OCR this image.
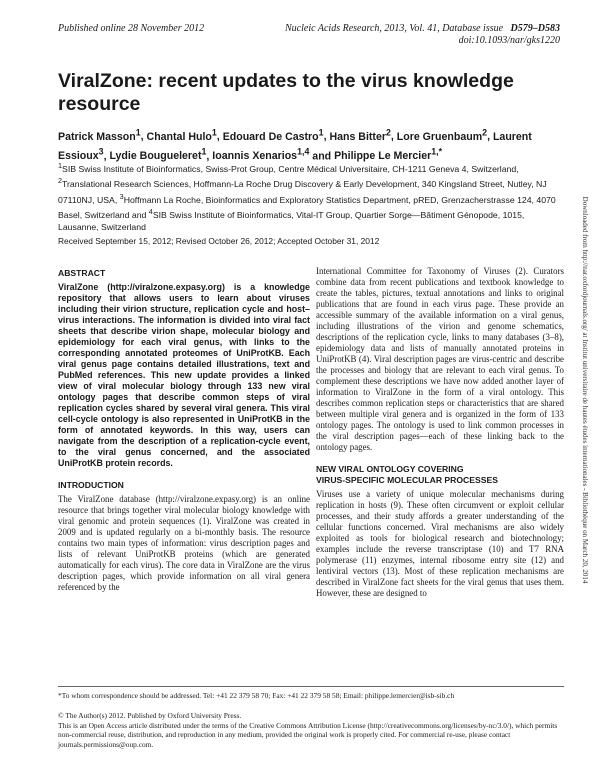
Published online 28 November 2012	Nucleic Acids Research, 2013, Vol. 41, Database issue D579–D583
doi:10.1093/nar/gks1220
ViralZone: recent updates to the virus knowledge resource
Patrick Masson$^1$, Chantal Hulo$^1$, Edouard De Castro$^1$, Hans Bitter$^2$, Lore Gruenbaum$^2$, Laurent Essioux$^3$, Lydie Bougueleret$^1$, Ioannis Xenarios$^{1,4}$ and Philippe Le Mercier$^{1,*}$
$^1$SIB Swiss Institute of Bioinformatics, Swiss-Prot Group, Centre Médical Universitaire, CH-1211 Geneva 4, Switzerland, $^2$Translational Research Sciences, Hoffmann-La Roche Drug Discovery & Early Development, 340 Kingsland Street, Nutley, NJ 07110NJ, USA, $^3$Hoffmann La Roche, Bioinformatics and Exploratory Statistics Department, pRED, Grenzacherstrasse 124, 4070 Basel, Switzerland and $^4$SIB Swiss Institute of Bioinformatics, Vital-IT Group, Quartier Sorge—Bâtiment Génopode, 1015, Lausanne, Switzerland
Received September 15, 2012; Revised October 26, 2012; Accepted October 31, 2012
ABSTRACT

ViralZone (http://viralzone.expasy.org) is a knowledge repository that allows users to learn about viruses including their virion structure, replication cycle and host–virus interactions. The information is divided into viral fact sheets that describe virion shape, molecular biology and epidemiology for each viral genus, with links to the corresponding annotated proteomes of UniProtKB. Each viral genus page contains detailed illustrations, text and PubMed references. This new update provides a linked view of viral molecular biology through 133 new viral ontology pages that describe common steps of viral replication cycles shared by several viral genera. This viral cell-cycle ontology is also represented in UniProtKB in the form of annotated keywords. In this way, users can navigate from the description of a replication-cycle event, to the viral genus concerned, and the associated UniProtKB protein records.

INTRODUCTION

The ViralZone database (http://viralzone.expasy.org) is an online resource that brings together viral molecular biology knowledge with viral genomic and protein sequences (1). ViralZone was created in 2009 and is updated regularly on a bi-monthly basis. The resource contains two main types of information: virus description pages and lists of relevant UniProtKB proteins (which are generated automatically for each virus). The core data in ViralZone are the virus description pages, which provide information on all viral genera referenced by the

International Committee for Taxonomy of Viruses (2). Curators combine data from recent publications and textbook knowledge to create the tables, pictures, textual annotations and links to original publications that are found in each virus page. These provide an accessible summary of the available information on a viral genus, including illustrations of the virion and genome schematics, descriptions of the replication cycle, links to many databases (3–8), epidemiology data and lists of manually annotated proteins in UniProtKB (4). Viral description pages are virus-centric and describe the processes and biology that are relevant to each viral genus. To complement these descriptions we have now added another layer of information to ViralZone in the form of a viral ontology. This describes common replication steps or characteristics that are shared between multiple viral genera and is organized in the form of 133 ontology pages. The ontology is used to link common processes in the viral description pages—each of these linking back to the ontology pages.

NEW VIRAL ONTOLOGY COVERING
VIRUS-SPECIFIC MOLECULAR PROCESSES

Viruses use a variety of unique molecular mechanisms during replication in hosts (9). These often circumvent or exploit cellular processes, and their study affords a greater understanding of the cellular functions concerned. Viral mechanisms are also widely exploited as tools for biological research and biotechnology; examples include the reverse transcriptase (10) and T7 RNA polymerase (11) enzymes, internal ribosome entry site (12) and lentiviral vectors (13). Most of these replication mechanisms are described in ViralZone fact sheets for the viral genus that uses them. However, these are designed to

Downloaded from http://nar.oxfordjournals.org/ at Institut universitaire de hautes études internationales - Bibliothèque on March 20, 2014
*To whom correspondence should be addressed. Tel: +41 22 379 58 70; Fax: +41 22 379 58 58; Email: philippe.lemercier@isb-sib.ch
© The Author(s) 2012. Published by Oxford University Press.
This is an Open Access article distributed under the terms of the Creative Commons Attribution License (http://creativecommons.org/licenses/by-nc/3.0/), which permits non-commercial reuse, distribution, and reproduction in any medium, provided the original work is properly cited. For commercial re-use, please contact journals.permissions@oup.com.
